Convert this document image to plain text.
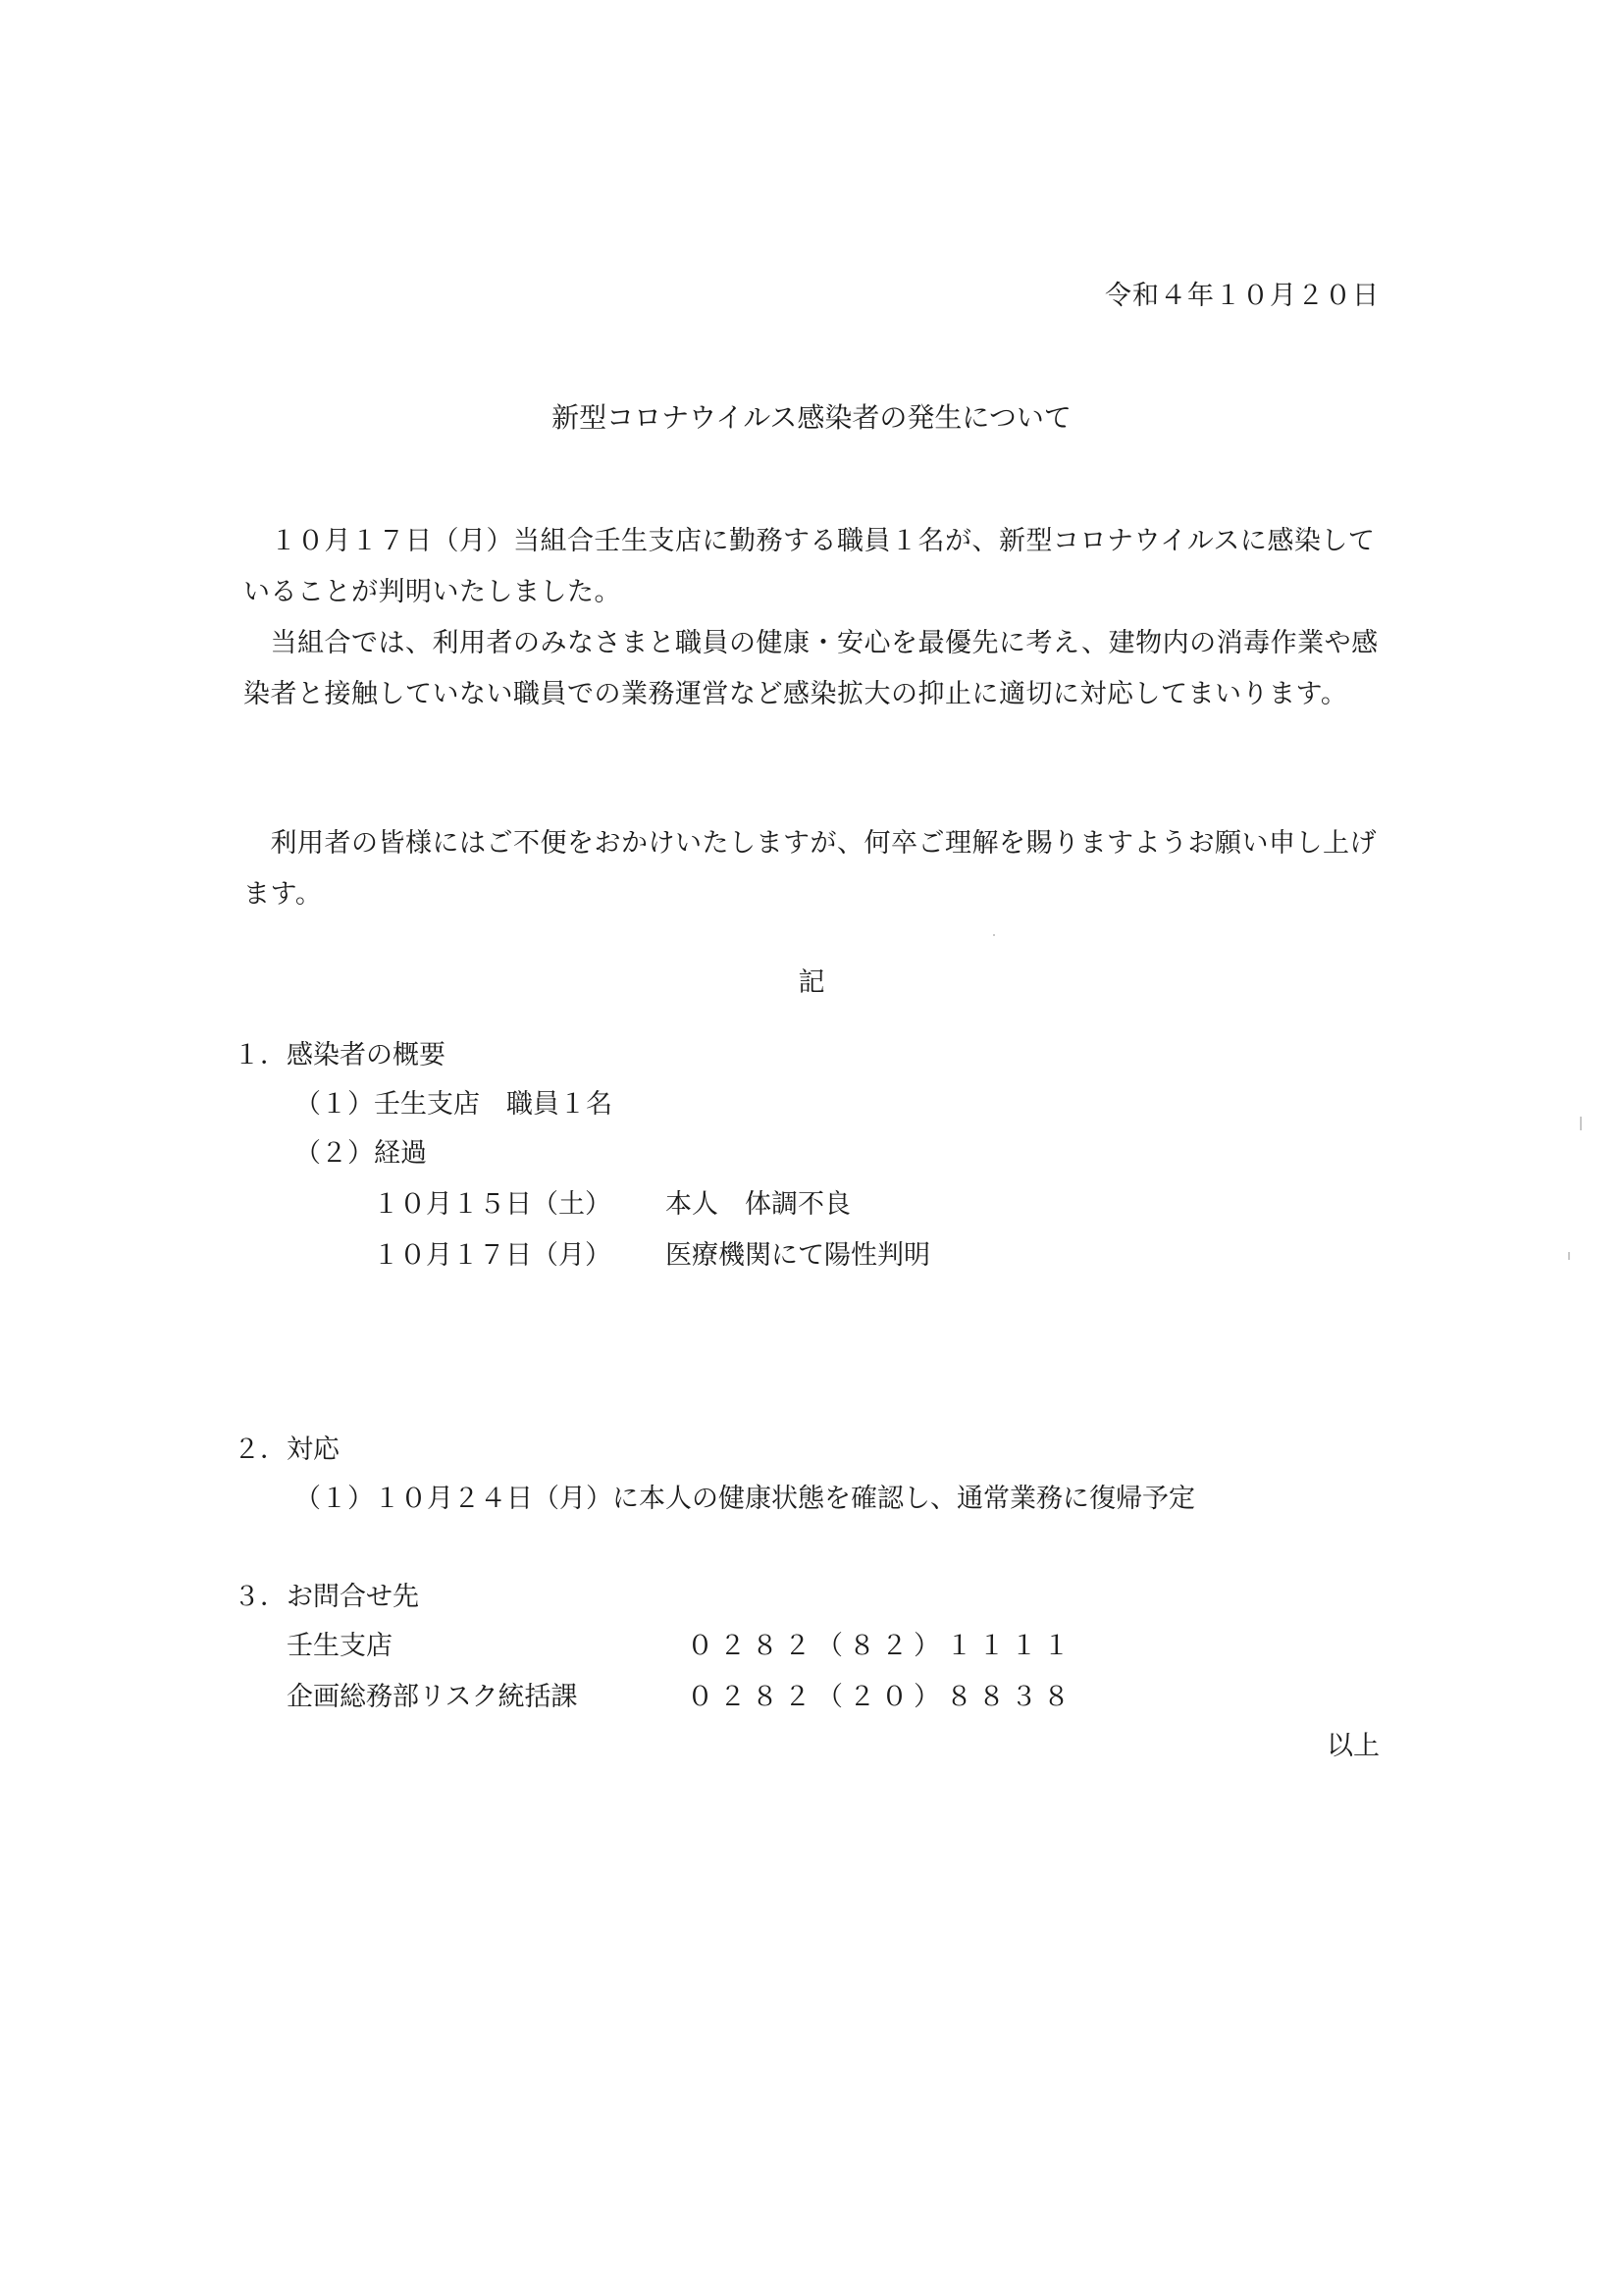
令和４年１０月２０日
新型コロナウイルス感染者の発生について
　１０月１７日（月）当組合壬生支店に勤務する職員１名が、新型コロナウイルスに感染していることが判明いたしました。
　当組合では、利用者のみなさまと職員の健康・安心を最優先に考え、建物内の消毒作業や感染者と接触していない職員での業務運営など感染拡大の抑止に適切に対応してまいります。
　利用者の皆様にはご不便をおかけいたしますが、何卒ご理解を賜りますようお願い申し上げます。
記
１．感染者の概要
（１）壬生支店　職員１名
（２）経過
１０月１５日（土） 本人　体調不良
１０月１７日（月） 医療機関にて陽性判明
２．対応
（１）１０月２４日（月）に本人の健康状態を確認し、通常業務に復帰予定
３．お問合せ先
壬生支店	０２８２（８２）１１１１
企画総務部リスク統括課	０２８２（２０）８８３８
以上
